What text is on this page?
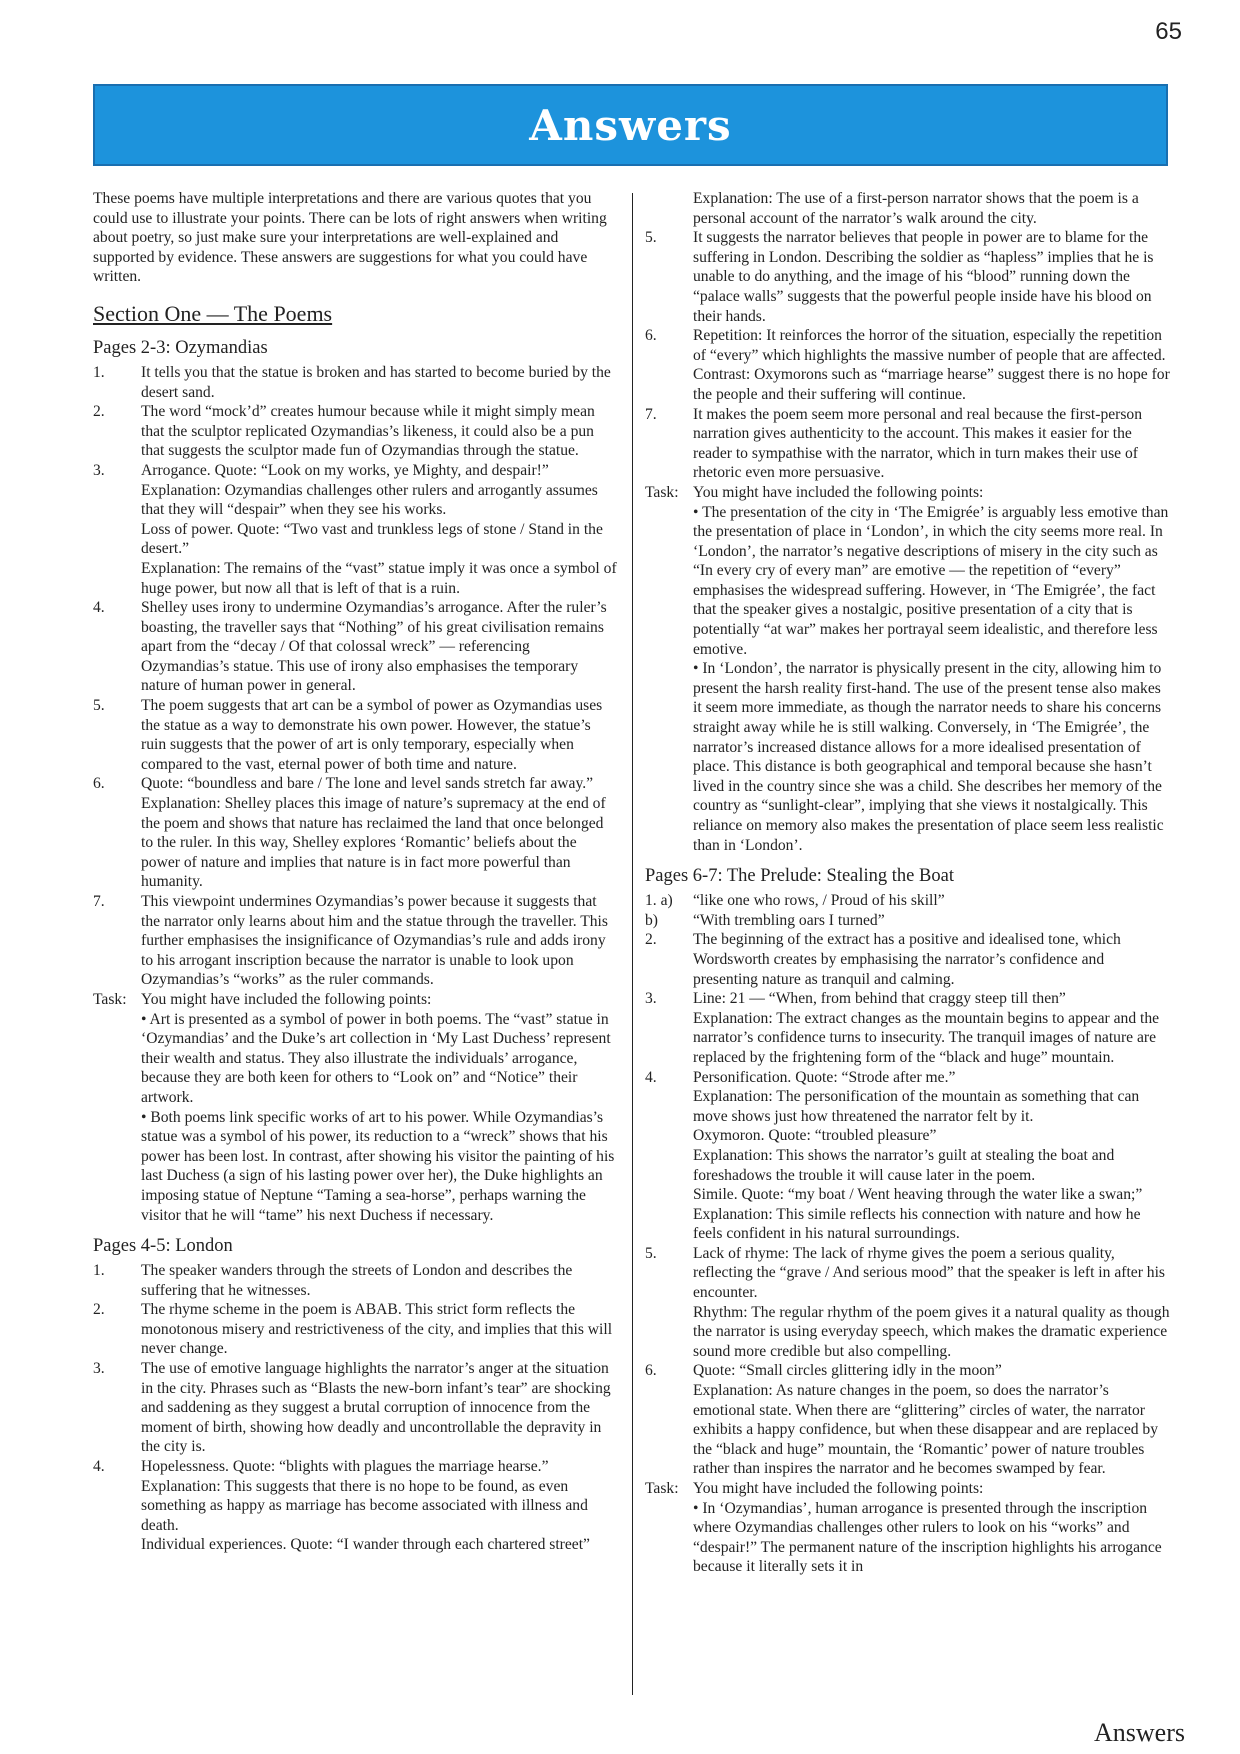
65
Answers

These poems have multiple interpretations and there are various quotes that you could use to illustrate your points. There can be lots of right answers when writing about poetry, so just make sure your interpretations are well-explained and supported by evidence. These answers are suggestions for what you could have written.

Section One — The Poems
Pages 2-3: Ozymandias
1.	It tells you that the statue is broken and has started to become buried by the desert sand.

2.	The word “mock’d” creates humour because while it might simply mean that the sculptor replicated Ozymandias’s likeness, it could also be a pun that suggests the sculptor made fun of Ozymandias through the statue.

3.	Arrogance. Quote: “Look on my works, ye Mighty, and despair!”

Explanation: Ozymandias challenges other rulers and arrogantly assumes that they will “despair” when they see his works.

Loss of power. Quote: “Two vast and trunkless legs of stone / Stand in the desert.”

Explanation: The remains of the “vast” statue imply it was once a symbol of huge power, but now all that is left of that is a ruin.

4.	Shelley uses irony to undermine Ozymandias’s arrogance. After the ruler’s boasting, the traveller says that “Nothing” of his great civilisation remains apart from the “decay / Of that colossal wreck” — referencing Ozymandias’s statue. This use of irony also emphasises the temporary nature of human power in general.

5.	The poem suggests that art can be a symbol of power as Ozymandias uses the statue as a way to demonstrate his own power. However, the statue’s ruin suggests that the power of art is only temporary, especially when compared to the vast, eternal power of both time and nature.

6.	Quote: “boundless and bare / The lone and level sands stretch far away.”

Explanation: Shelley places this image of nature’s supremacy at the end of the poem and shows that nature has reclaimed the land that once belonged to the ruler. In this way, Shelley explores ‘Romantic’ beliefs about the power of nature and implies that nature is in fact more powerful than humanity.

7.	This viewpoint undermines Ozymandias’s power because it suggests that the narrator only learns about him and the statue through the traveller. This further emphasises the insignificance of Ozymandias’s rule and adds irony to his arrogant inscription because the narrator is unable to look upon Ozymandias’s “works” as the ruler commands.

Task: You might have included the following points:

• Art is presented as a symbol of power in both poems. The “vast” statue in ‘Ozymandias’ and the Duke’s art collection in ‘My Last Duchess’ represent their wealth and status. They also illustrate the individuals’ arrogance, because they are both keen for others to “Look on” and “Notice” their artwork.

• Both poems link specific works of art to his power. While Ozymandias’s statue was a symbol of his power, its reduction to a “wreck” shows that his power has been lost. In contrast, after showing his visitor the painting of his last Duchess (a sign of his lasting power over her), the Duke highlights an imposing statue of Neptune “Taming a sea-horse”, perhaps warning the visitor that he will “tame” his next Duchess if necessary.

Pages 4-5: London
1.	The speaker wanders through the streets of London and describes the suffering that he witnesses.

2.	The rhyme scheme in the poem is ABAB. This strict form reflects the monotonous misery and restrictiveness of the city, and implies that this will never change.

3.	The use of emotive language highlights the narrator’s anger at the situation in the city. Phrases such as “Blasts the new-born infant’s tear” are shocking and saddening as they suggest a brutal corruption of innocence from the moment of birth, showing how deadly and uncontrollable the depravity in the city is.

4.	Hopelessness. Quote: “blights with plagues the marriage hearse.”

Explanation: This suggests that there is no hope to be found, as even something as happy as marriage has become associated with illness and death.

Individual experiences. Quote: “I wander through each chartered street”

Explanation: The use of a first-person narrator shows that the poem is a personal account of the narrator’s walk around the city.

5.	It suggests the narrator believes that people in power are to blame for the suffering in London. Describing the soldier as “hapless” implies that he is unable to do anything, and the image of his “blood” running down the “palace walls” suggests that the powerful people inside have his blood on their hands.

6.	Repetition: It reinforces the horror of the situation, especially the repetition of “every” which highlights the massive number of people that are affected.

Contrast: Oxymorons such as “marriage hearse” suggest there is no hope for the people and their suffering will continue.

7.	It makes the poem seem more personal and real because the first-person narration gives authenticity to the account. This makes it easier for the reader to sympathise with the narrator, which in turn makes their use of rhetoric even more persuasive.

Task: You might have included the following points:

• The presentation of the city in ‘The Emigrée’ is arguably less emotive than the presentation of place in ‘London’, in which the city seems more real. In ‘London’, the narrator’s negative descriptions of misery in the city such as “In every cry of every man” are emotive — the repetition of “every” emphasises the widespread suffering. However, in ‘The Emigrée’, the fact that the speaker gives a nostalgic, positive presentation of a city that is potentially “at war” makes her portrayal seem idealistic, and therefore less emotive.

• In ‘London’, the narrator is physically present in the city, allowing him to present the harsh reality first-hand. The use of the present tense also makes it seem more immediate, as though the narrator needs to share his concerns straight away while he is still walking. Conversely, in ‘The Emigrée’, the narrator’s increased distance allows for a more idealised presentation of place. This distance is both geographical and temporal because she hasn’t lived in the country since she was a child. She describes her memory of the country as “sunlight-clear”, implying that she views it nostalgically. This reliance on memory also makes the presentation of place seem less realistic than in ‘London’.

Pages 6-7: The Prelude: Stealing the Boat
1. a)	“like one who rows, / Proud of his skill”

b)	“With trembling oars I turned”

2.	The beginning of the extract has a positive and idealised tone, which Wordsworth creates by emphasising the narrator’s confidence and presenting nature as tranquil and calming.

3.	Line: 21 — “When, from behind that craggy steep till then”

Explanation: The extract changes as the mountain begins to appear and the narrator’s confidence turns to insecurity. The tranquil images of nature are replaced by the frightening form of the “black and huge” mountain.

4.	Personification. Quote: “Strode after me.”

Explanation: The personification of the mountain as something that can move shows just how threatened the narrator felt by it.

Oxymoron. Quote: “troubled pleasure”

Explanation: This shows the narrator’s guilt at stealing the boat and foreshadows the trouble it will cause later in the poem.

Simile. Quote: “my boat / Went heaving through the water like a swan;”

Explanation: This simile reflects his connection with nature and how he feels confident in his natural surroundings.

5.	Lack of rhyme: The lack of rhyme gives the poem a serious quality, reflecting the “grave / And serious mood” that the speaker is left in after his encounter.

Rhythm: The regular rhythm of the poem gives it a natural quality as though the narrator is using everyday speech, which makes the dramatic experience sound more credible but also compelling.

6.	Quote: “Small circles glittering idly in the moon”

Explanation: As nature changes in the poem, so does the narrator’s emotional state. When there are “glittering” circles of water, the narrator exhibits a happy confidence, but when these disappear and are replaced by the “black and huge” mountain, the ‘Romantic’ power of nature troubles rather than inspires the narrator and he becomes swamped by fear.

Task: You might have included the following points:

• In ‘Ozymandias’, human arrogance is presented through the inscription where Ozymandias challenges other rulers to look on his “works” and “despair!” The permanent nature of the inscription highlights his arrogance because it literally sets it in

Answers
